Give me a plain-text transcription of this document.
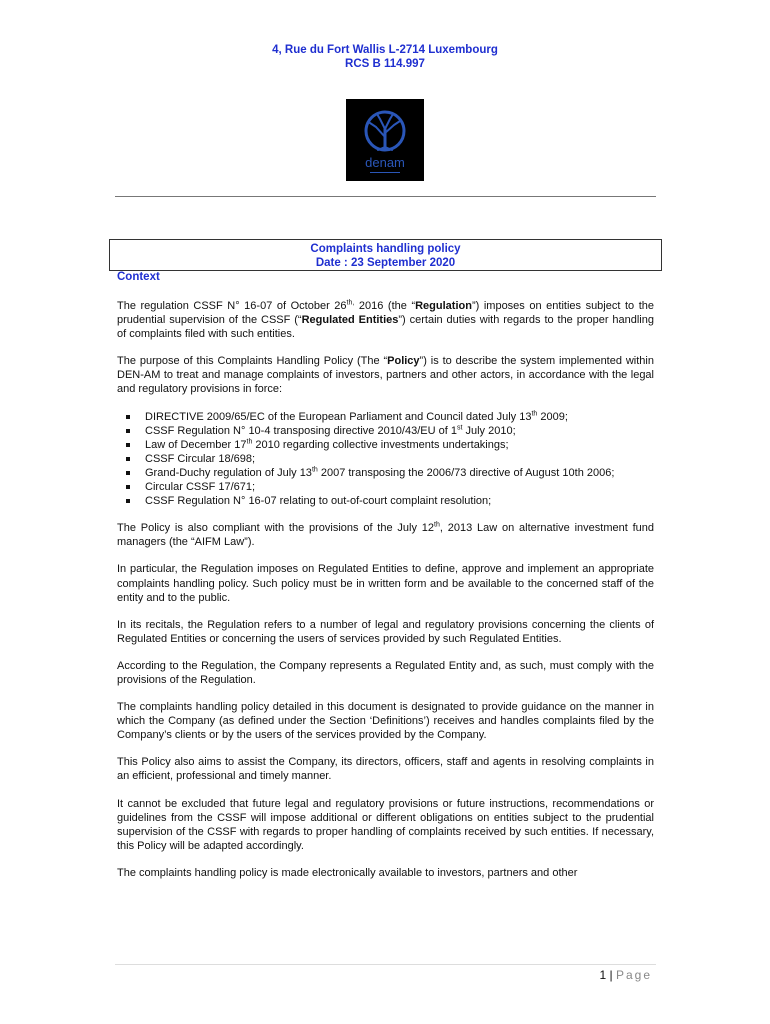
4, Rue du Fort Wallis L-2714 Luxembourg
RCS B 114.997
denam
Complaints handling policy
Date : 23 September 2020
Context

The regulation CSSF N° 16-07 of October $26^{th,}$ 2016 (the “Regulation”) imposes on entities subject to the prudential supervision of the CSSF (“Regulated Entities”) certain duties with regards to the proper handling of complaints filed with such entities.

The purpose of this Complaints Handling Policy (The “Policy”) is to describe the system implemented within DEN-AM to treat and manage complaints of investors, partners and other actors, in accordance with the legal and regulatory provisions in force:

DIRECTIVE 2009/65/EC of the European Parliament and Council dated July 13th 2009;
CSSF Regulation N° 10-4 transposing directive 2010/43/EU of 1st July 2010;
Law of December 17th 2010 regarding collective investments undertakings;
CSSF Circular 18/698;
Grand-Duchy regulation of July 13th 2007 transposing the 2006/73 directive of August 10th 2006;
Circular CSSF 17/671;
CSSF Regulation N° 16-07 relating to out-of-court complaint resolution;

The Policy is also compliant with the provisions of the July 12th, 2013 Law on alternative investment fund managers (the “AIFM Law”).

In particular, the Regulation imposes on Regulated Entities to define, approve and implement an appropriate complaints handling policy. Such policy must be in written form and be available to the concerned staff of the entity and to the public.

In its recitals, the Regulation refers to a number of legal and regulatory provisions concerning the clients of Regulated Entities or concerning the users of services provided by such Regulated Entities.

According to the Regulation, the Company represents a Regulated Entity and, as such, must comply with the provisions of the Regulation.

The complaints handling policy detailed in this document is designated to provide guidance on the manner in which the Company (as defined under the Section ‘Definitions’) receives and handles complaints filed by the Company’s clients or by the users of the services provided by the Company.

This Policy also aims to assist the Company, its directors, officers, staff and agents in resolving complaints in an efficient, professional and timely manner.

It cannot be excluded that future legal and regulatory provisions or future instructions, recommendations or guidelines from the CSSF will impose additional or different obligations on entities subject to the prudential supervision of the CSSF with regards to proper handling of complaints received by such entities. If necessary, this Policy will be adapted accordingly.

The complaints handling policy is made electronically available to investors, partners and other

1 | Page
